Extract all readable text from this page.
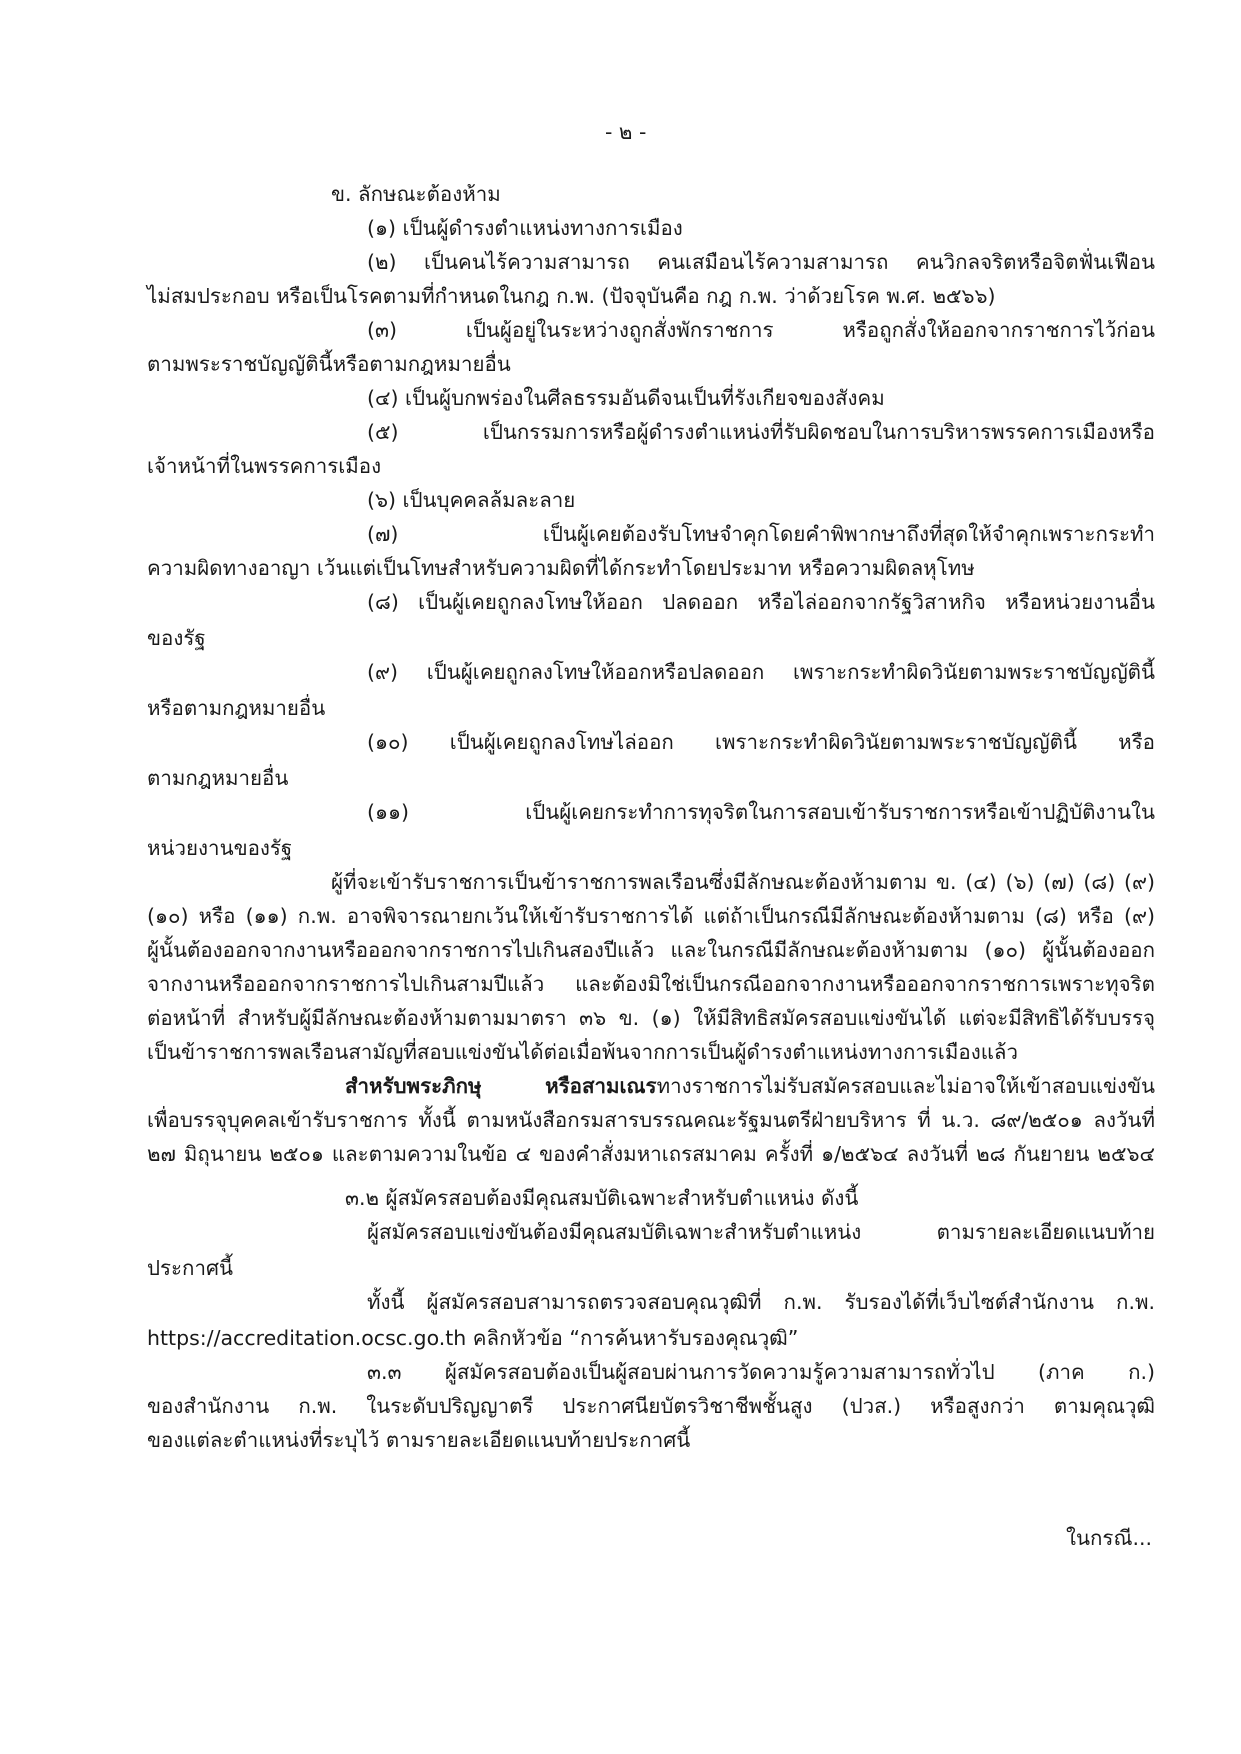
- ๒ -
ข. ลักษณะต้องห้าม
(๑) เป็นผู้ดำรงตำแหน่งทางการเมือง
(๒) เป็นคนไร้ความสามารถ คนเสมือนไร้ความสามารถ คนวิกลจริตหรือจิตฟั่นเฟือน
ไม่สมประกอบ หรือเป็นโรคตามที่กำหนดในกฎ ก.พ. (ปัจจุบันคือ กฎ ก.พ. ว่าด้วยโรค พ.ศ. ๒๕๖๖)
(๓) เป็นผู้อยู่ในระหว่างถูกสั่งพักราชการ หรือถูกสั่งให้ออกจากราชการไว้ก่อน
ตามพระราชบัญญัตินี้หรือตามกฎหมายอื่น
(๔) เป็นผู้บกพร่องในศีลธรรมอันดีจนเป็นที่รังเกียจของสังคม
(๕) เป็นกรรมการหรือผู้ดำรงตำแหน่งที่รับผิดชอบในการบริหารพรรคการเมืองหรือ
เจ้าหน้าที่ในพรรคการเมือง
(๖) เป็นบุคคลล้มละลาย
(๗) เป็นผู้เคยต้องรับโทษจำคุกโดยคำพิพากษาถึงที่สุดให้จำคุกเพราะกระทำ
ความผิดทางอาญา เว้นแต่เป็นโทษสำหรับความผิดที่ได้กระทำโดยประมาท หรือความผิดลหุโทษ
(๘) เป็นผู้เคยถูกลงโทษให้ออก ปลดออก หรือไล่ออกจากรัฐวิสาหกิจ หรือหน่วยงานอื่น
ของรัฐ
(๙) เป็นผู้เคยถูกลงโทษให้ออกหรือปลดออก เพราะกระทำผิดวินัยตามพระราชบัญญัตินี้
หรือตามกฎหมายอื่น
(๑๐) เป็นผู้เคยถูกลงโทษไล่ออก เพราะกระทำผิดวินัยตามพระราชบัญญัตินี้ หรือ
ตามกฎหมายอื่น
(๑๑) เป็นผู้เคยกระทำการทุจริตในการสอบเข้ารับราชการหรือเข้าปฏิบัติงานใน
หน่วยงานของรัฐ
ผู้ที่จะเข้ารับราชการเป็นข้าราชการพลเรือนซึ่งมีลักษณะต้องห้ามตาม ข. (๔) (๖) (๗) (๘) (๙)
(๑๐) หรือ (๑๑) ก.พ. อาจพิจารณายกเว้นให้เข้ารับราชการได้ แต่ถ้าเป็นกรณีมีลักษณะต้องห้ามตาม (๘) หรือ (๙)
ผู้นั้นต้องออกจากงานหรือออกจากราชการไปเกินสองปีแล้ว และในกรณีมีลักษณะต้องห้ามตาม (๑๐) ผู้นั้นต้องออก
จากงานหรือออกจากราชการไปเกินสามปีแล้ว และต้องมิใช่เป็นกรณีออกจากงานหรือออกจากราชการเพราะทุจริต
ต่อหน้าที่ สำหรับผู้มีลักษณะต้องห้ามตามมาตรา ๓๖ ข. (๑) ให้มีสิทธิสมัครสอบแข่งขันได้ แต่จะมีสิทธิได้รับบรรจุ
เป็นข้าราชการพลเรือนสามัญที่สอบแข่งขันได้ต่อเมื่อพ้นจากการเป็นผู้ดำรงตำแหน่งทางการเมืองแล้ว
สำหรับพระภิกษุ หรือสามเณรทางราชการไม่รับสมัครสอบและไม่อาจให้เข้าสอบแข่งขัน
เพื่อบรรจุบุคคลเข้ารับราชการ ทั้งนี้ ตามหนังสือกรมสารบรรณคณะรัฐมนตรีฝ่ายบริหาร ที่ น.ว. ๘๙/๒๕๐๑ ลงวันที่
๒๗ มิถุนายน ๒๕๐๑ และตามความในข้อ ๔ ของคำสั่งมหาเถรสมาคม ครั้งที่ ๑/๒๕๖๔ ลงวันที่ ๒๘ กันยายน ๒๕๖๔
๓.๒ ผู้สมัครสอบต้องมีคุณสมบัติเฉพาะสำหรับตำแหน่ง ดังนี้
ผู้สมัครสอบแข่งขันต้องมีคุณสมบัติเฉพาะสำหรับตำแหน่ง ตามรายละเอียดแนบท้าย
ประกาศนี้
ทั้งนี้ ผู้สมัครสอบสามารถตรวจสอบคุณวุฒิที่ ก.พ. รับรองได้ที่เว็บไซต์สำนักงาน ก.พ.
https://accreditation.ocsc.go.th คลิกหัวข้อ “การค้นหารับรองคุณวุฒิ”
๓.๓ ผู้สมัครสอบต้องเป็นผู้สอบผ่านการวัดความรู้ความสามารถทั่วไป (ภาค ก.)
ของสำนักงาน ก.พ. ในระดับปริญญาตรี ประกาศนียบัตรวิชาชีพชั้นสูง (ปวส.) หรือสูงกว่า ตามคุณวุฒิ
ของแต่ละตำแหน่งที่ระบุไว้ ตามรายละเอียดแนบท้ายประกาศนี้
ในกรณี...
